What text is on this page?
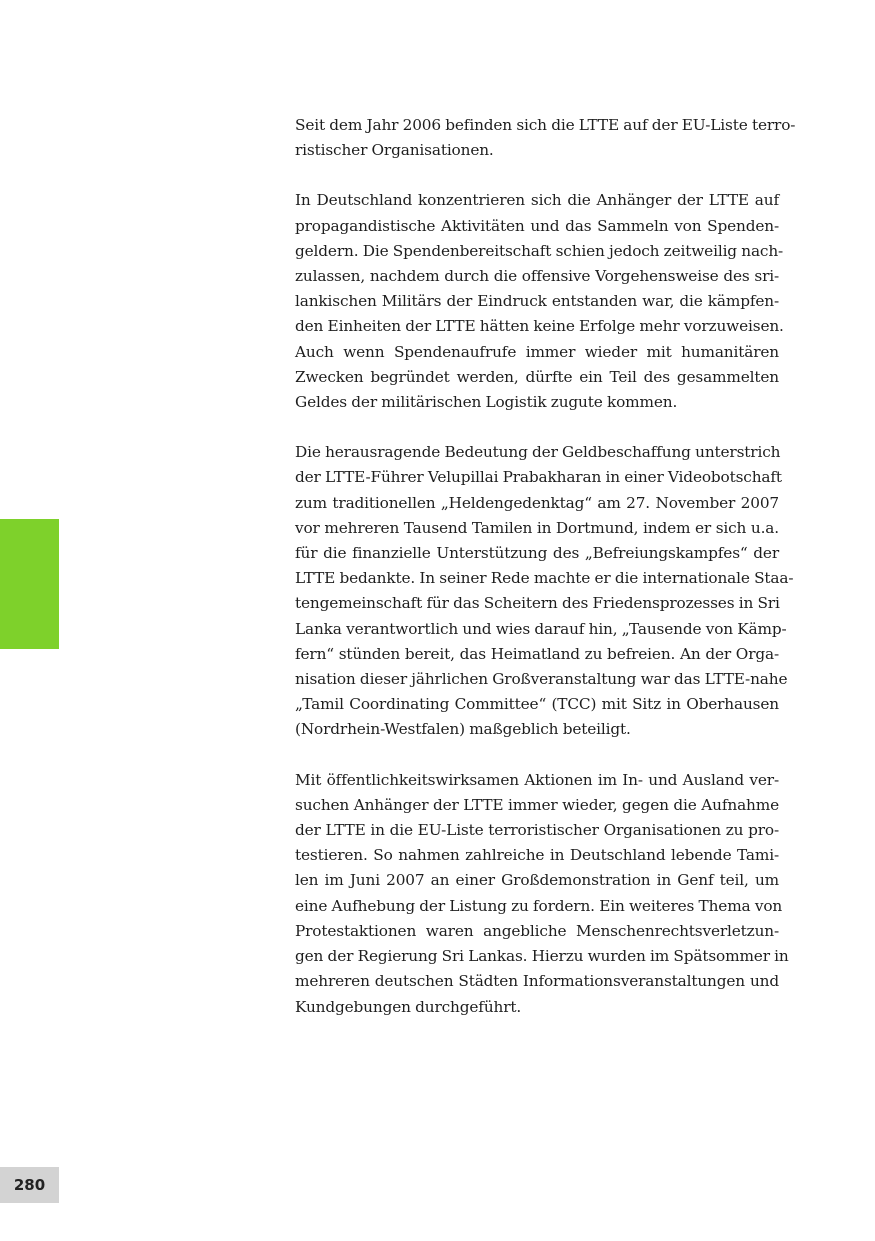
Seit dem Jahr 2006 befinden sich die LTTE auf der EU-Liste terro-
ristischer Organisationen.

In Deutschland konzentrieren sich die Anhänger der LTTE auf
propagandistische Aktivitäten und das Sammeln von Spenden-
geldern. Die Spendenbereitschaft schien jedoch zeitweilig nach-
zulassen, nachdem durch die offensive Vorgehensweise des sri-
lankischen Militärs der Eindruck entstanden war, die kämpfen-
den Einheiten der LTTE hätten keine Erfolge mehr vorzuweisen.
Auch wenn Spendenaufrufe immer wieder mit humanitären
Zwecken begründet werden, dürfte ein Teil des gesammelten
Geldes der militärischen Logistik zugute kommen.

Die herausragende Bedeutung der Geldbeschaffung unterstrich
der LTTE-Führer Velupillai Prabakharan in einer Videobotschaft
zum traditionellen „Heldengedenktag“ am 27. November 2007
vor mehreren Tausend Tamilen in Dortmund, indem er sich u.a.
für die finanzielle Unterstützung des „Befreiungskampfes“ der
LTTE bedankte. In seiner Rede machte er die internationale Staa-
tengemeinschaft für das Scheitern des Friedensprozesses in Sri
Lanka verantwortlich und wies darauf hin, „Tausende von Kämp-
fern“ stünden bereit, das Heimatland zu befreien. An der Orga-
nisation dieser jährlichen Großveranstaltung war das LTTE-nahe
„Tamil Coordinating Committee“ (TCC) mit Sitz in Oberhausen
(Nordrhein-Westfalen) maßgeblich beteiligt.

Mit öffentlichkeitswirksamen Aktionen im In- und Ausland ver-
suchen Anhänger der LTTE immer wieder, gegen die Aufnahme
der LTTE in die EU-Liste terroristischer Organisationen zu pro-
testieren. So nahmen zahlreiche in Deutschland lebende Tami-
len im Juni 2007 an einer Großdemonstration in Genf teil, um
eine Aufhebung der Listung zu fordern. Ein weiteres Thema von
Protestaktionen waren angebliche Menschenrechtsverletzun-
gen der Regierung Sri Lankas. Hierzu wurden im Spätsommer in
mehreren deutschen Städten Informationsveranstaltungen und
Kundgebungen durchgeführt.

280
